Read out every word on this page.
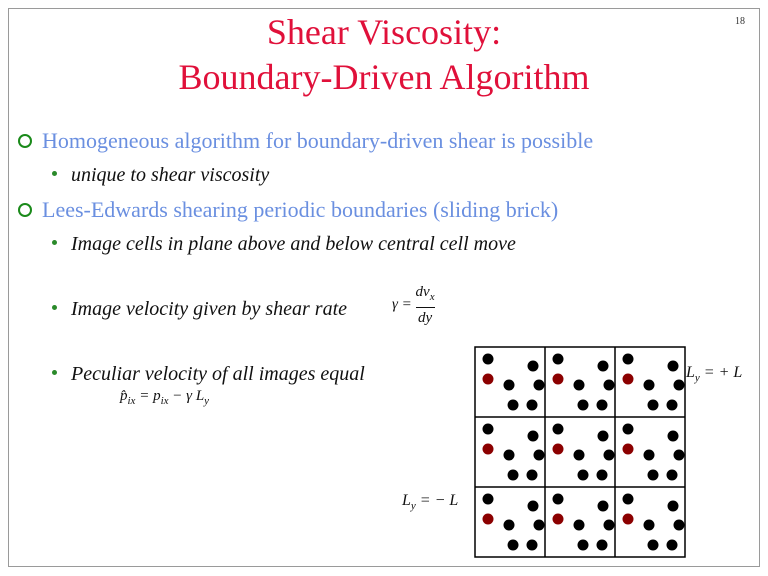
18
Shear Viscosity:
Boundary-Driven Algorithm
Homogeneous algorithm for boundary-driven shear is possible
unique to shear viscosity
Lees-Edwards shearing periodic boundaries (sliding brick)
Image cells in plane above and below central cell move
Image velocity given by shear rate	$\gamma = \frac{dv_x}{dy}$
Peculiar velocity of all images equal
$p̂_{ix} = p_{ix} - \gamma$ $L_y$
$L_y$ = + L
$L_y$ = − L
